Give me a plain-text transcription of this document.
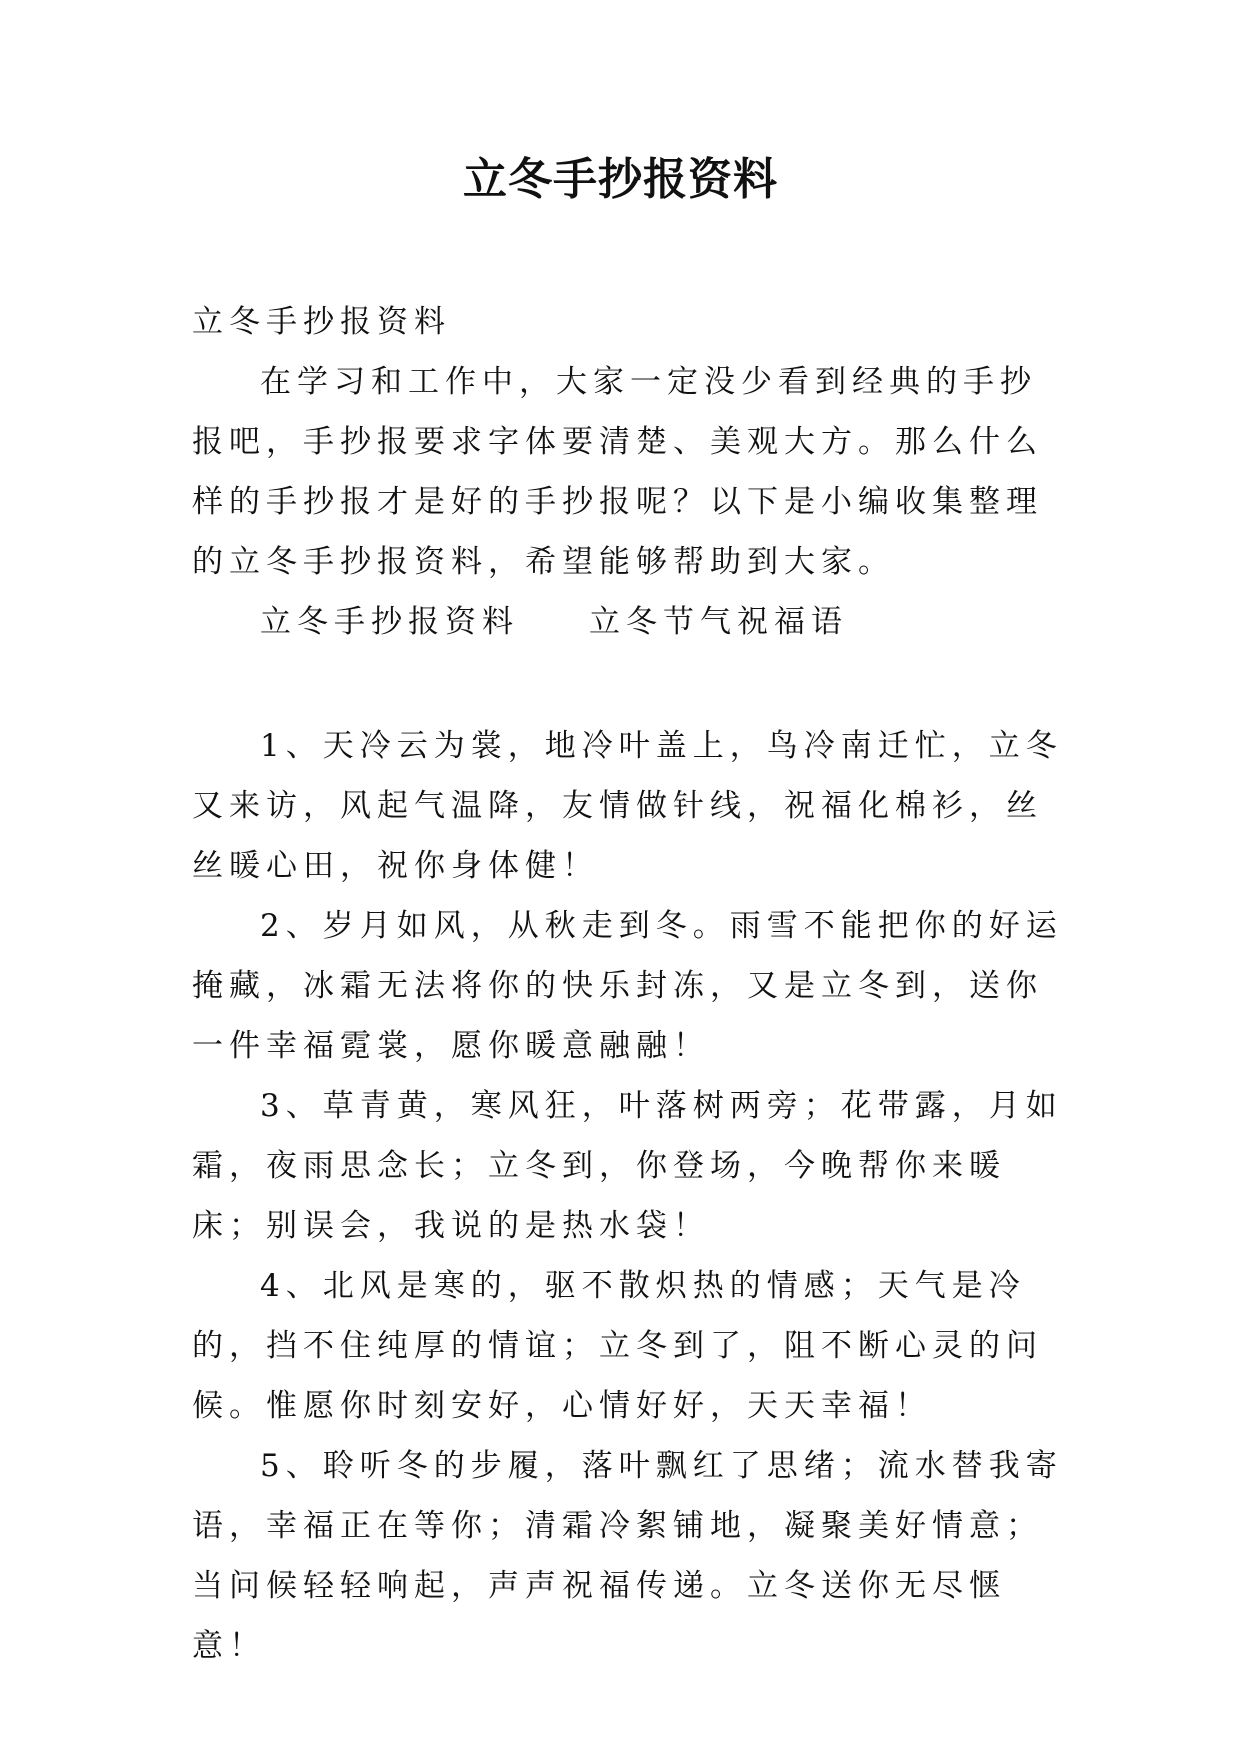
立冬手抄报资料

立冬手抄报资料

在学习和工作中，大家一定没少看到经典的手抄报吧，手抄报要求字体要清楚、美观大方。那么什么样的手抄报才是好的手抄报呢？以下是小编收集整理的立冬手抄报资料，希望能够帮助到大家。

立冬手抄报资料 立冬节气祝福语

1、天冷云为裳，地冷叶盖上，鸟冷南迁忙，立冬又来访，风起气温降，友情做针线，祝福化棉衫，丝丝暖心田，祝你身体健！

2、岁月如风，从秋走到冬。雨雪不能把你的好运掩藏，冰霜无法将你的快乐封冻，又是立冬到，送你一件幸福霓裳，愿你暖意融融！

3、草青黄，寒风狂，叶落树两旁；花带露，月如霜，夜雨思念长；立冬到，你登场，今晚帮你来暖床；别误会，我说的是热水袋！

4、北风是寒的，驱不散炽热的情感；天气是冷的，挡不住纯厚的情谊；立冬到了，阻不断心灵的问候。惟愿你时刻安好，心情好好，天天幸福！

5、聆听冬的步履，落叶飘红了思绪；流水替我寄语，幸福正在等你；清霜冷絮铺地，凝聚美好情意；当问候轻轻响起，声声祝福传递。立冬送你无尽惬意！
